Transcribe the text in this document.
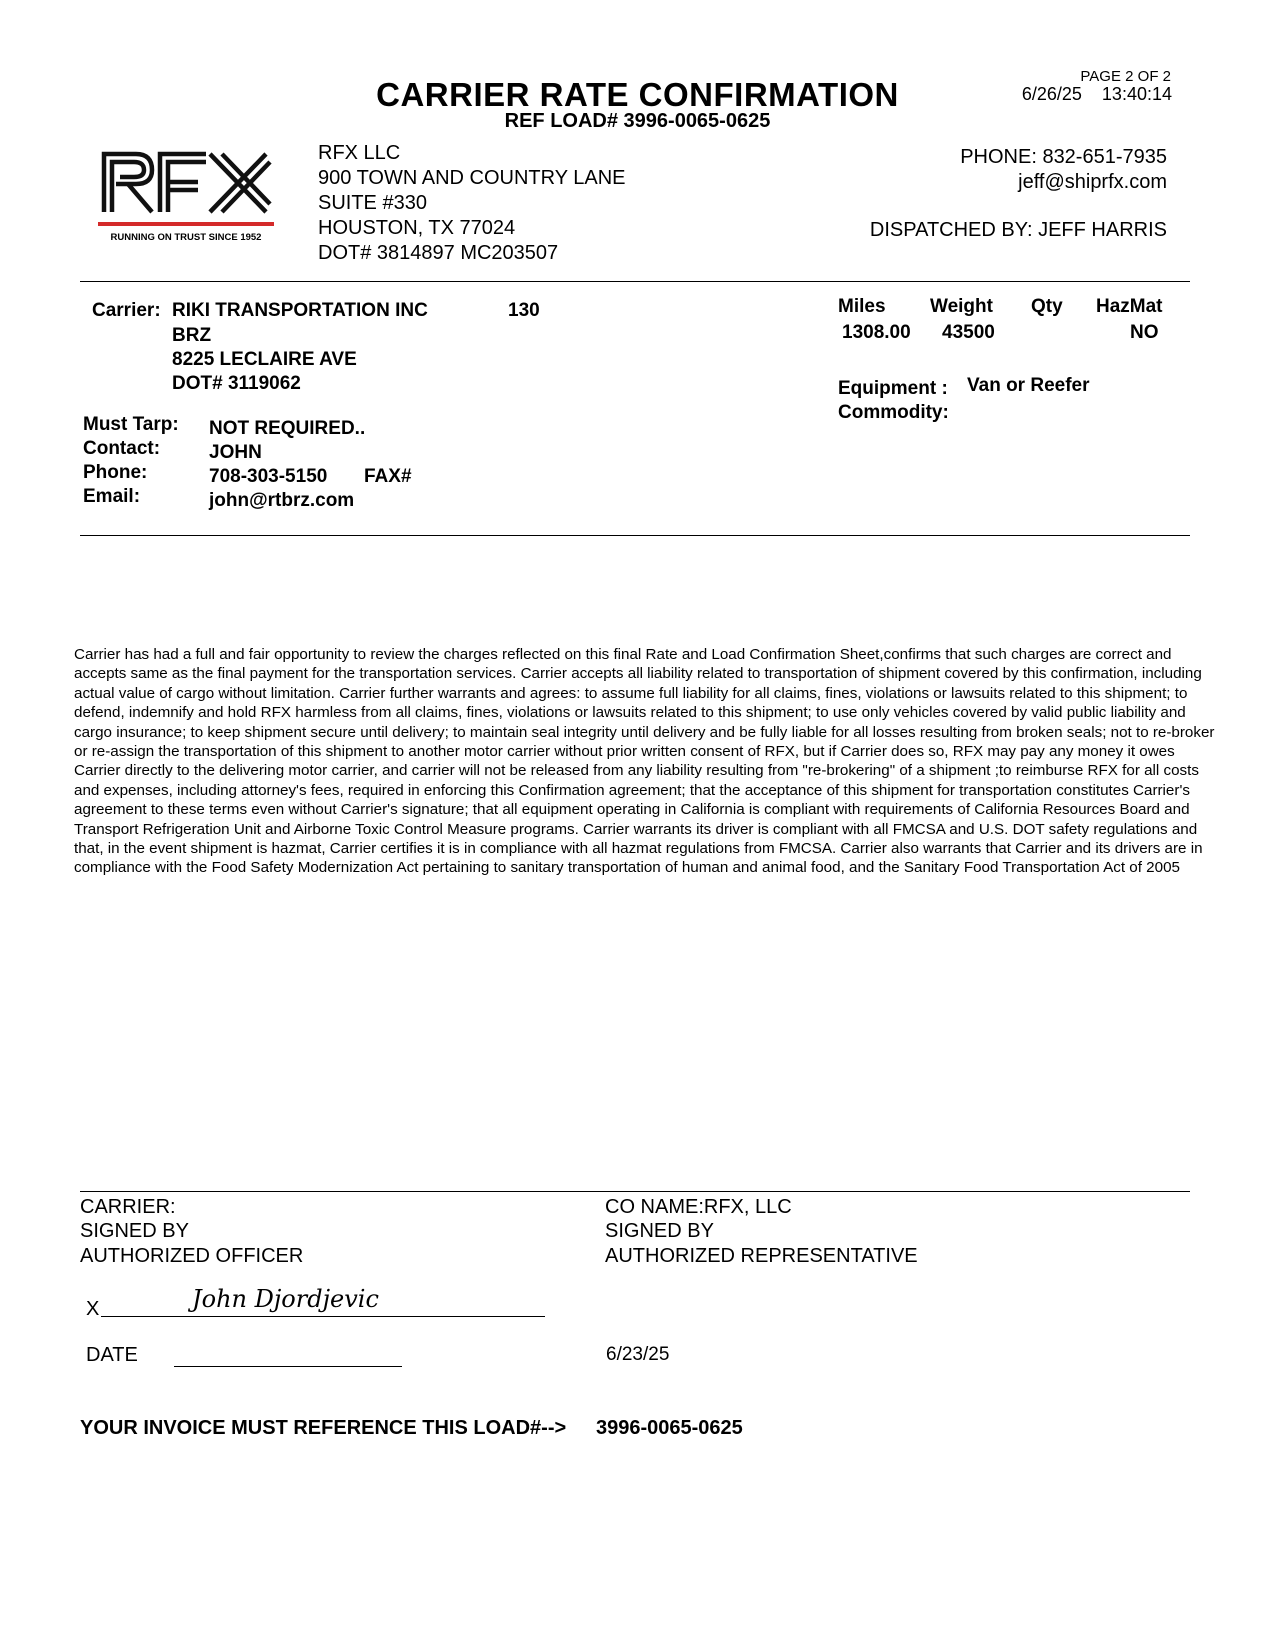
CARRIER RATE CONFIRMATION
REF LOAD# 3996-0065-0625
PAGE 2 OF 2
6/26/25 13:40:14
RUNNING ON TRUST SINCE 1952
RFX LLC
900 TOWN AND COUNTRY LANE
SUITE #330
HOUSTON, TX 77024
DOT# 3814897 MC203507
PHONE: 832-651-7935
jeff@shiprfx.com
DISPATCHED BY: JEFF HARRIS
Carrier: RIKI TRANSPORTATION INC	130
BRZ
8225 LECLAIRE AVE
DOT# 3119062
Must Tarp: NOT REQUIRED..
Contact:	JOHN
Phone:	708-303-5150 FAX#
Email:	john@rtbrz.com
Miles Weight Qty HazMat
1308.00 43500	NO
Equipment : Van or Reefer
Commodity:
Carrier has had a full and fair opportunity to review the charges reflected on this final Rate and Load Confirmation Sheet,confirms that such charges are correct and accepts same as the final payment for the transportation services. Carrier accepts all liability related to transportation of shipment covered by this confirmation, including actual value of cargo without limitation. Carrier further warrants and agrees: to assume full liability for all claims, fines, violations or lawsuits related to this shipment; to defend, indemnify and hold RFX harmless from all claims, fines, violations or lawsuits related to this shipment; to use only vehicles covered by valid public liability and cargo insurance; to keep shipment secure until delivery; to maintain seal integrity until delivery and be fully liable for all losses resulting from broken seals; not to re-broker or re-assign the transportation of this shipment to another motor carrier without prior written consent of RFX, but if Carrier does so, RFX may pay any money it owes Carrier directly to the delivering motor carrier, and carrier will not be released from any liability resulting from "re-brokering" of a shipment ;to reimburse RFX for all costs and expenses, including attorney's fees, required in enforcing this Confirmation agreement; that the acceptance of this shipment for transportation constitutes Carrier's agreement to these terms even without Carrier's signature; that all equipment operating in California is compliant with requirements of California Resources Board and Transport Refrigeration Unit and Airborne Toxic Control Measure programs. Carrier warrants its driver is compliant with all FMCSA and U.S. DOT safety regulations and that, in the event shipment is hazmat, Carrier certifies it is in compliance with all hazmat regulations from FMCSA. Carrier also warrants that Carrier and its drivers are in compliance with the Food Safety Modernization Act pertaining to sanitary transportation of human and animal food, and the Sanitary Food Transportation Act of 2005
CARRIER:
SIGNED BY
AUTHORIZED OFFICER
CO NAME:RFX, LLC
SIGNED BY
AUTHORIZED REPRESENTATIVE
X	John Djordjevic
DATE	6/23/25
YOUR INVOICE MUST REFERENCE THIS LOAD#--> 3996-0065-0625
